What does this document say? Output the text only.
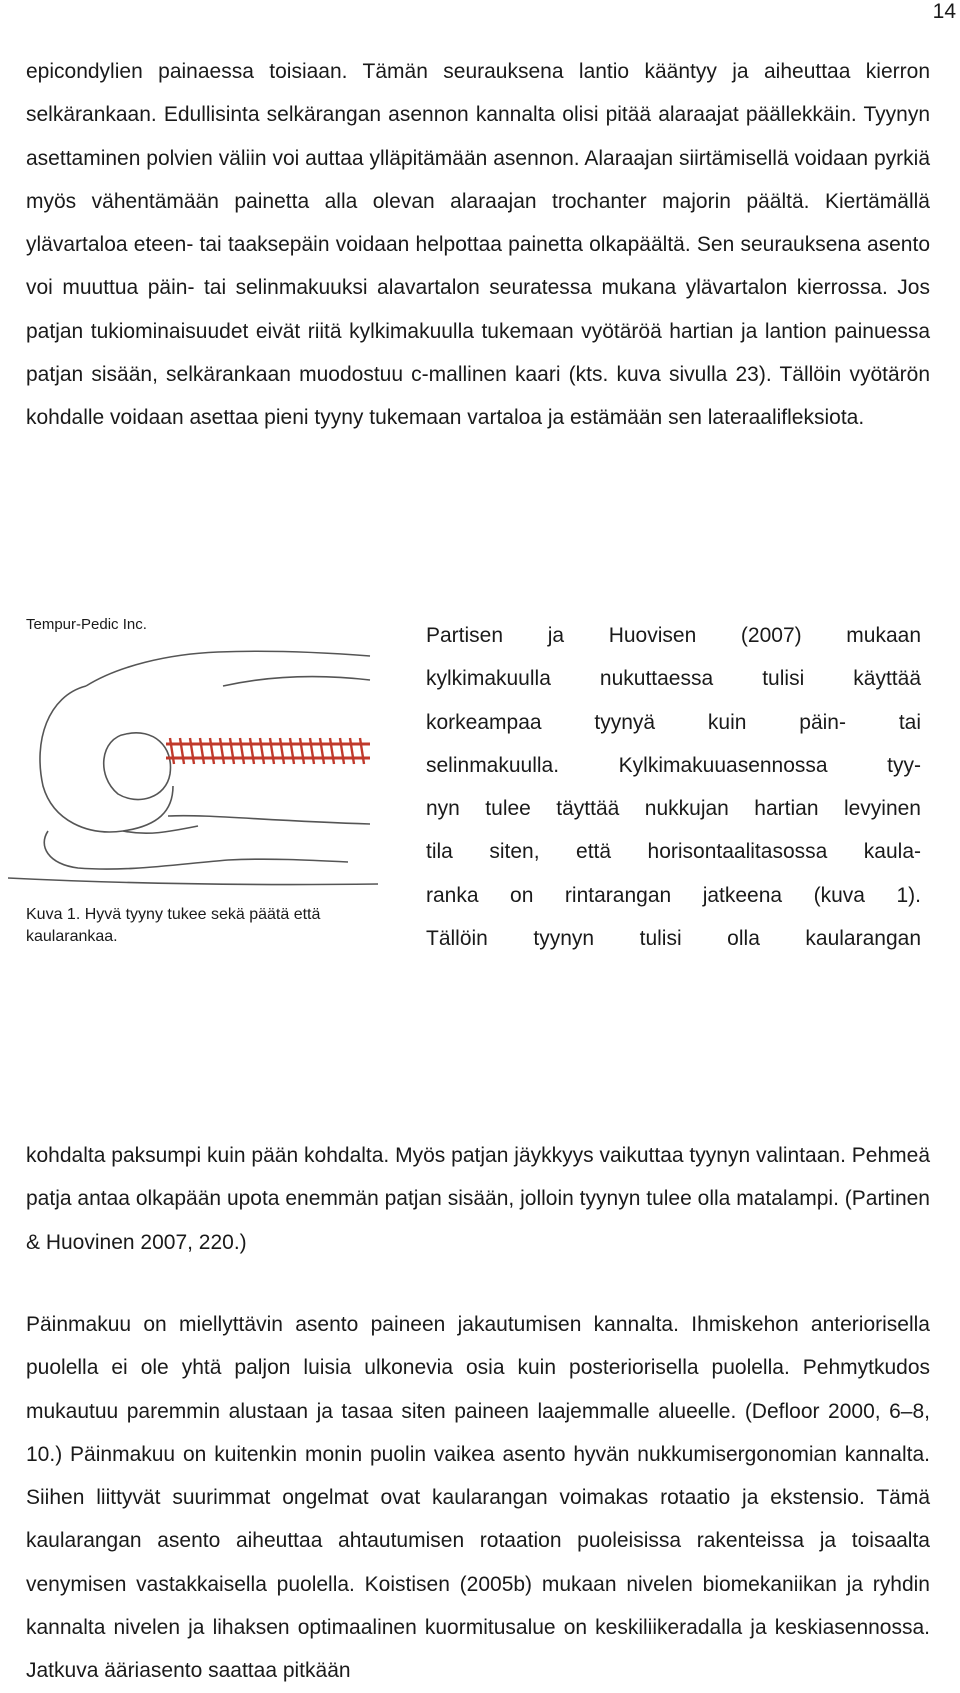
14
epicondylien painaessa toisiaan. Tämän seurauksena lantio kääntyy ja aiheuttaa kierron selkärankaan. Edullisinta selkärangan asennon kannalta olisi pitää alaraajat päällekkäin. Tyynyn asettaminen polvien väliin voi auttaa ylläpitämään asennon. Alaraajan siirtämisellä voidaan pyrkiä myös vähentämään painetta alla olevan alaraajan trochanter majorin päältä. Kiertämällä ylävartaloa eteen- tai taaksepäin voidaan helpottaa painetta olkapäältä. Sen seurauksena asento voi muuttua päin- tai selinmakuuksi alavartalon seuratessa mukana ylävartalon kierrossa. Jos patjan tukiominaisuudet eivät riitä kylkimakuulla tukemaan vyötäröä hartian ja lantion painuessa patjan sisään, selkärankaan muodostuu c-mallinen kaari (kts. kuva sivulla 23). Tällöin vyötärön kohdalle voidaan asettaa pieni tyyny tukemaan vartaloa ja estämään sen lateraalifleksiota.
Tempur-Pedic Inc.
Kuva 1. Hyvä tyyny tukee sekä päätä että kaularankaa.
Partisen ja Huovisen (2007) mukaan
kylkimakuulla nukuttaessa tulisi käyttää
korkeampaa tyynyä kuin päin- tai
selinmakuulla. Kylkimakuuasennossa tyy-
nyn tulee täyttää nukkujan hartian levyinen
tila siten, että horisontaalitasossa kaula-
ranka on rintarangan jatkeena (kuva 1).
Tällöin tyynyn tulisi olla kaularangan
kohdalta paksumpi kuin pään kohdalta. Myös patjan jäykkyys vaikuttaa tyynyn valintaan. Pehmeä patja antaa olkapään upota enemmän patjan sisään, jolloin tyynyn tulee olla matalampi. (Partinen & Huovinen 2007, 220.)
Päinmakuu on miellyttävin asento paineen jakautumisen kannalta. Ihmiskehon anteriorisella puolella ei ole yhtä paljon luisia ulkonevia osia kuin posteriorisella puolella. Pehmytkudos mukautuu paremmin alustaan ja tasaa siten paineen laajemmalle alueelle. (Defloor 2000, 6–8, 10.) Päinmakuu on kuitenkin monin puolin vaikea asento hyvän nukkumisergonomian kannalta. Siihen liittyvät suurimmat ongelmat ovat kaularangan voimakas rotaatio ja ekstensio. Tämä kaularangan asento aiheuttaa ahtautumisen rotaation puoleisissa rakenteissa ja toisaalta venymisen vastakkaisella puolella. Koistisen (2005b) mukaan nivelen biomekaniikan ja ryhdin kannalta nivelen ja lihaksen optimaalinen kuormitusalue on keskiliikeradalla ja keskiasennossa. Jatkuva ääriasento saattaa pitkään
